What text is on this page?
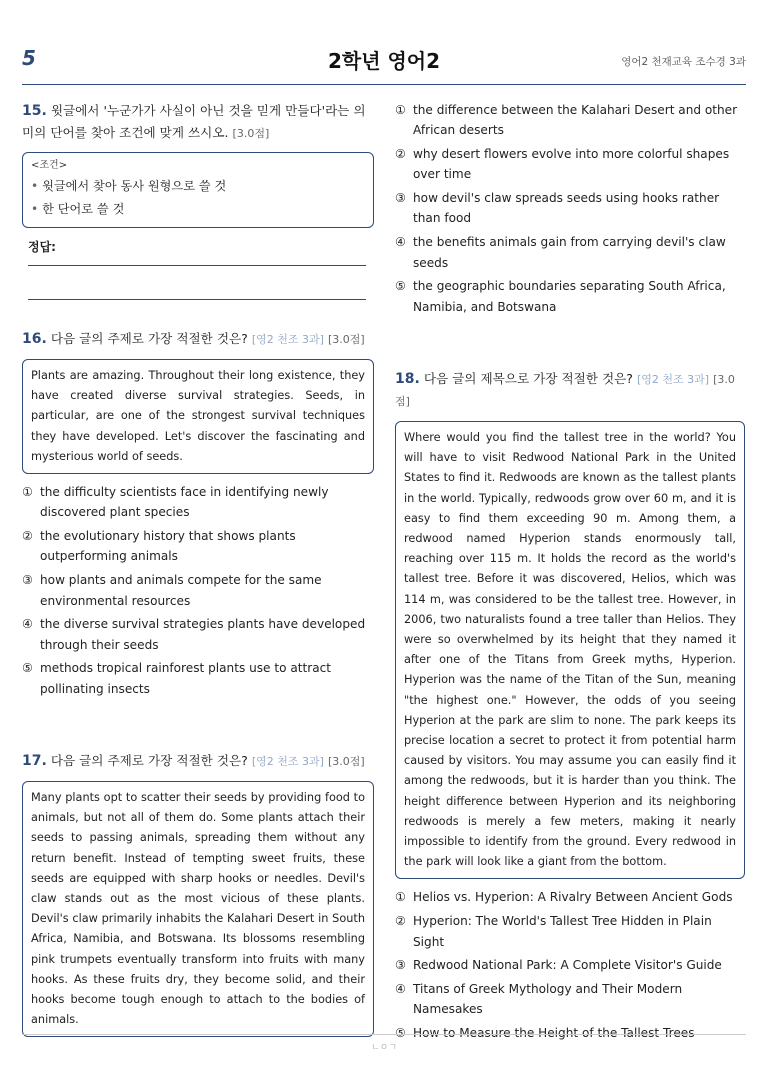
5	2학년 영어2	영어2 천재교육 조수경 3과
15. 윗글에서 '누군가가 사실이 아닌 것을 믿게 만들다'라는 의미의 단어를 찾아 조건에 맞게 쓰시오. [3.0점]
<조건>
• 윗글에서 찾아 동사 원형으로 쓸 것
• 한 단어로 쓸 것
정답:
16. 다음 글의 주제로 가장 적절한 것은? [영2 천조 3과] [3.0점]
Plants are amazing. Throughout their long existence, they have created diverse survival strategies. Seeds, in particular, are one of the strongest survival techniques they have developed. Let's discover the fascinating and mysterious world of seeds.
① the difficulty scientists face in identifying newly discovered plant species
② the evolutionary history that shows plants outperforming animals
③ how plants and animals compete for the same environmental resources
④ the diverse survival strategies plants have developed through their seeds
⑤ methods tropical rainforest plants use to attract pollinating insects
17. 다음 글의 주제로 가장 적절한 것은? [영2 천조 3과] [3.0점]
Many plants opt to scatter their seeds by providing food to animals, but not all of them do. Some plants attach their seeds to passing animals, spreading them without any return benefit. Instead of tempting sweet fruits, these seeds are equipped with sharp hooks or needles. Devil's claw stands out as the most vicious of these plants. Devil's claw primarily inhabits the Kalahari Desert in South Africa, Namibia, and Botswana. Its blossoms resembling pink trumpets eventually transform into fruits with many hooks. As these fruits dry, they become solid, and their hooks become tough enough to attach to the bodies of animals.
① the difference between the Kalahari Desert and other African deserts
② why desert flowers evolve into more colorful shapes over time
③ how devil's claw spreads seeds using hooks rather than food
④ the benefits animals gain from carrying devil's claw seeds
⑤ the geographic boundaries separating South Africa, Namibia, and Botswana
18. 다음 글의 제목으로 가장 적절한 것은? [영2 천조 3과] [3.0점]
Where would you find the tallest tree in the world? You will have to visit Redwood National Park in the United States to find it. Redwoods are known as the tallest plants in the world. Typically, redwoods grow over 60 m, and it is easy to find them exceeding 90 m. Among them, a redwood named Hyperion stands enormously tall, reaching over 115 m. It holds the record as the world's tallest tree. Before it was discovered, Helios, which was 114 m, was considered to be the tallest tree. However, in 2006, two naturalists found a tree taller than Helios. They were so overwhelmed by its height that they named it after one of the Titans from Greek myths, Hyperion. Hyperion was the name of the Titan of the Sun, meaning "the highest one." However, the odds of you seeing Hyperion at the park are slim to none. The park keeps its precise location a secret to protect it from potential harm caused by visitors. You may assume you can easily find it among the redwoods, but it is harder than you think. The height difference between Hyperion and its neighboring redwoods is merely a few meters, making it nearly impossible to identify from the ground. Every redwood in the park will look like a giant from the bottom.
① Helios vs. Hyperion: A Rivalry Between Ancient Gods
② Hyperion: The World's Tallest Tree Hidden in Plain Sight
③ Redwood National Park: A Complete Visitor's Guide
④ Titans of Greek Mythology and Their Modern Namesakes
⑤ How to Measure the Height of the Tallest Trees
ㄴㅇㄱ
